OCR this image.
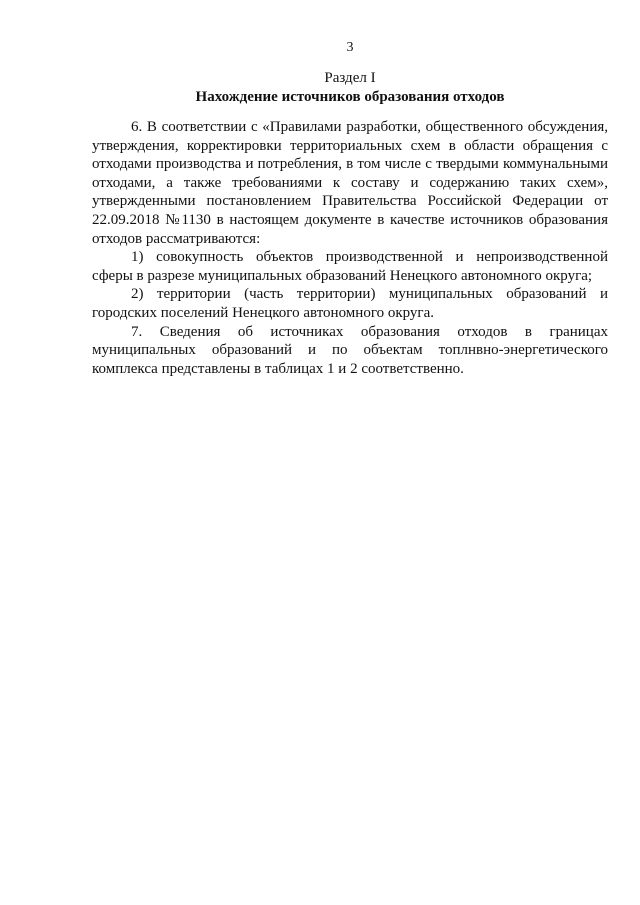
3
Раздел I
Нахождение источников образования отходов

6. В соответствии с «Правилами разработки, общественного обсуждения, утверждения, корректировки территориальных схем в области обращения с отходами производства и потребления, в том числе с твердыми коммунальными отходами, а также требованиями к составу и содержанию таких схем», утвержденными постановлением Правительства Российской Федерации от 22.09.2018 №1130 в настоящем документе в качестве источников образования отходов рассматриваются:

1) совокупность объектов производственной и непроизводственной сферы в разрезе муниципальных образований Ненецкого автономного округа;

2) территории (часть территории) муниципальных образований и городских поселений Ненецкого автономного округа.

7. Сведения об источниках образования отходов в границах муниципальных образований и по объектам топлнвно-энергетического комплекса представлены в таблицах 1 и 2 соответственно.
